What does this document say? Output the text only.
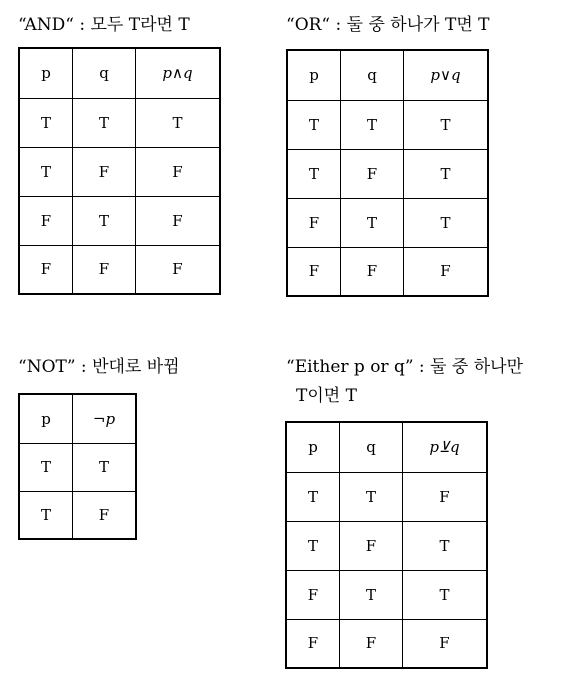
“AND“ : 모두 T라면 T
p	q	p∧q
T	T	T
T	F	F
F	T	F
F	F	F
“OR“ : 둘 중 하나가 T면 T
p	q	p∨q
T	T	T
T	F	T
F	T	T
F	F	F
“NOT” : 반대로 바뀜
p	¬p
T	T
T	F
“Either p or q” : 둘 중 하나만
T이면 T
p	q	p⊻q
T	T	F
T	F	T
F	T	T
F	F	F
